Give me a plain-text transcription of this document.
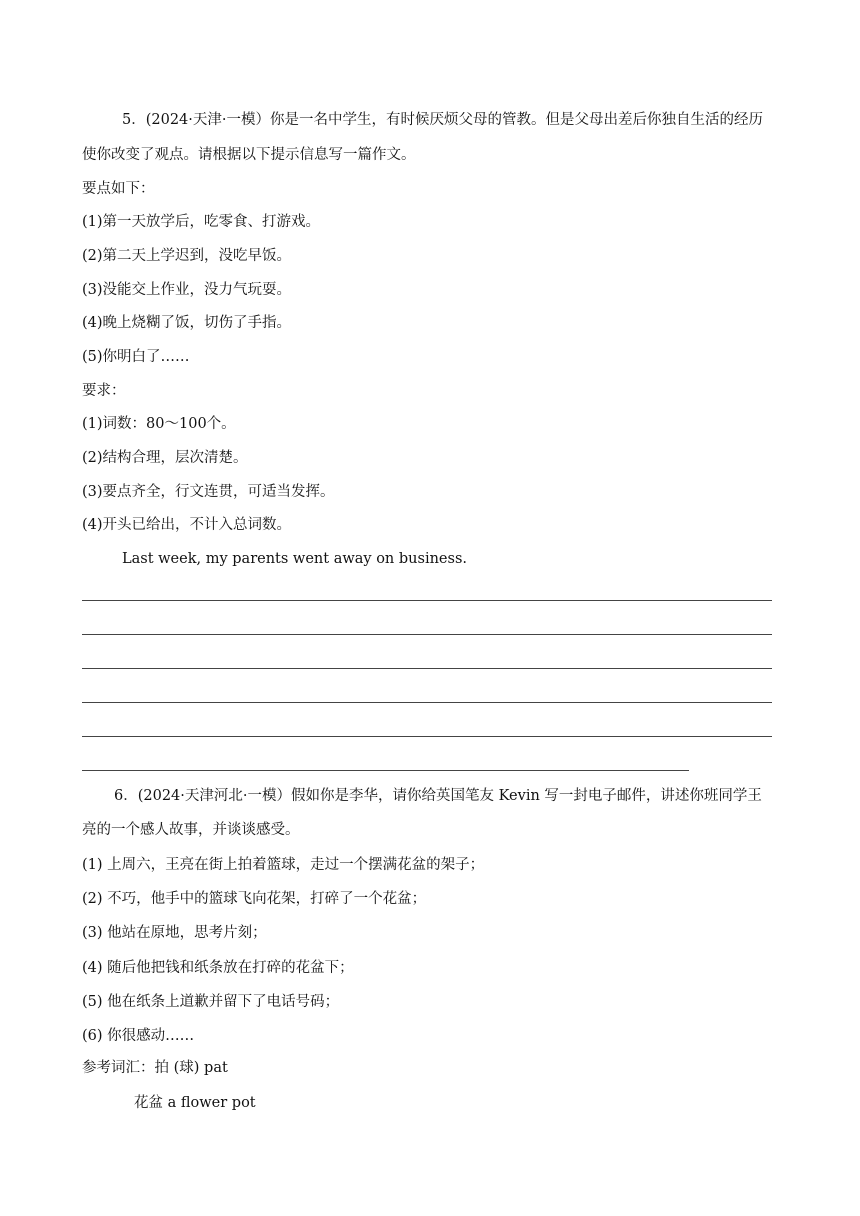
5．(2024·天津·一模）你是一名中学生，有时候厌烦父母的管教。但是父母出差后你独自生活的经历
使你改变了观点。请根据以下提示信息写一篇作文。
要点如下：
(1)第一天放学后，吃零食、打游戏。
(2)第二天上学迟到，没吃早饭。
(3)没能交上作业，没力气玩耍。
(4)晚上烧糊了饭，切伤了手指。
(5)你明白了……
要求：
(1)词数：80～100个。
(2)结构合理，层次清楚。
(3)要点齐全，行文连贯，可适当发挥。
(4)开头已给出，不计入总词数。
Last week, my parents went away on business.
6．(2024·天津河北·一模）假如你是李华，请你给英国笔友 Kevin 写一封电子邮件，讲述你班同学王
亮的一个感人故事，并谈谈感受。
(1) 上周六，王亮在街上拍着篮球，走过一个摆满花盆的架子；
(2) 不巧，他手中的篮球飞向花架，打碎了一个花盆；
(3) 他站在原地，思考片刻；
(4) 随后他把钱和纸条放在打碎的花盆下；
(5) 他在纸条上道歉并留下了电话号码；
(6) 你很感动……
参考词汇：拍 (球) pat
花盆 a flower pot
